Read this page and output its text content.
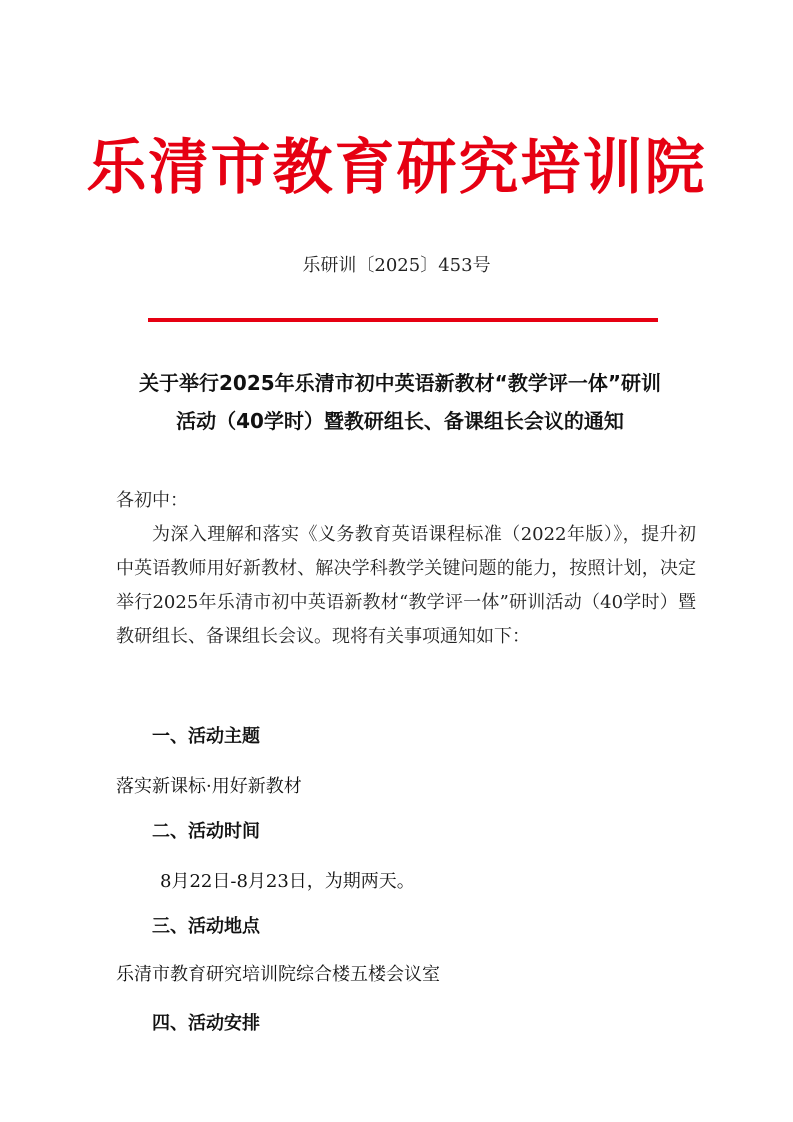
乐清市教育研究培训院
乐研训〔2025〕453号
关于举行2025年乐清市初中英语新教材“教学评一体”研训
活动（40学时）暨教研组长、备课组长会议的通知

各初中：

为深入理解和落实《义务教育英语课程标准（2022年版）》，提升初中英语教师用好新教材、解决学科教学关键问题的能力，按照计划，决定举行2025年乐清市初中英语新教材“教学评一体”研训活动（40学时）暨教研组长、备课组长会议。现将有关事项通知如下：

一、活动主题
落实新课标·用好新教材
二、活动时间
8月22日-8月23日，为期两天。
三、活动地点
乐清市教育研究培训院综合楼五楼会议室
四、活动安排
